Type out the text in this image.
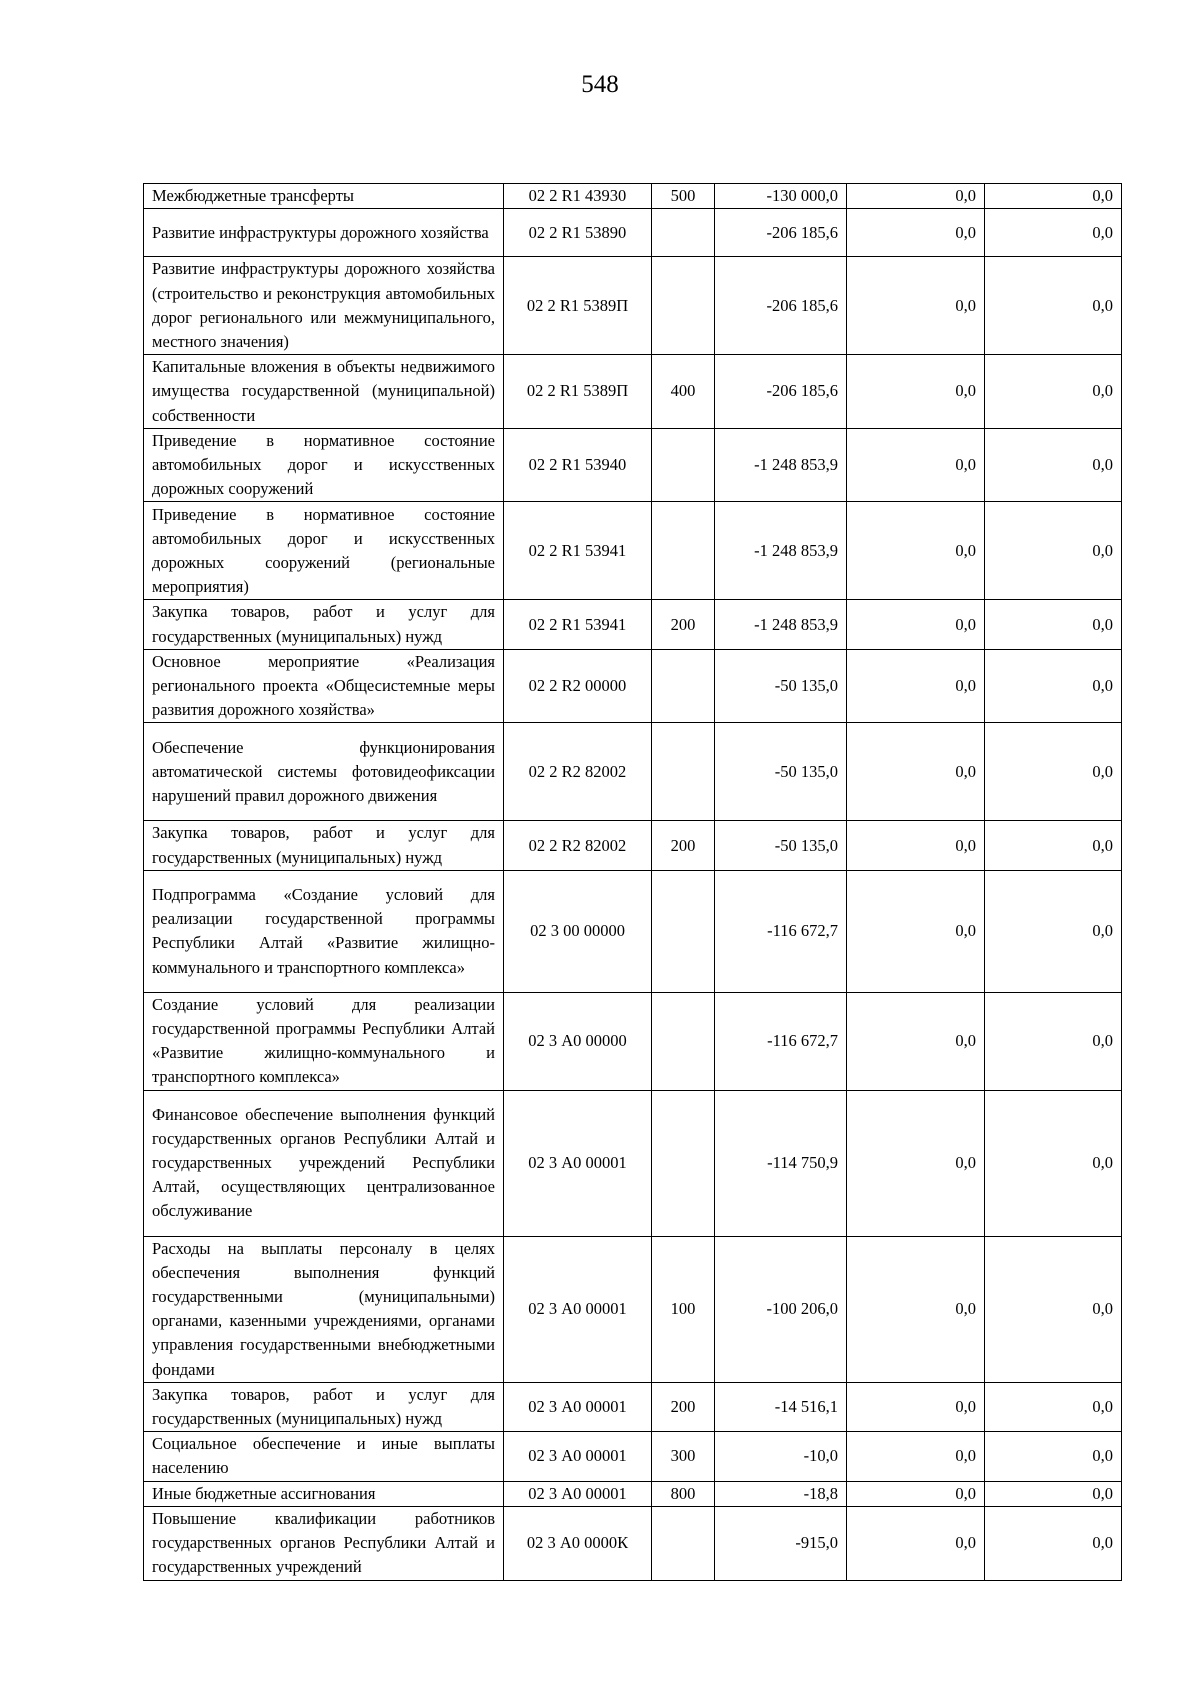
548
Межбюджетные трансферты	02 2 R1 43930	500	-130 000,0	0,0	0,0
Развитие инфраструктуры дорожного хозяйства	02 2 R1 53890		-206 185,6	0,0	0,0
Развитие инфраструктуры дорожного хозяйства (строительство и реконструкция автомобильных дорог регионального или межмуниципального, местного значения)	02 2 R1 5389П		-206 185,6	0,0	0,0
Капитальные вложения в объекты недвижимого имущества государственной (муниципальной) собственности	02 2 R1 5389П	400	-206 185,6	0,0	0,0
Приведение в нормативное состояние автомобильных дорог и искусственных дорожных сооружений	02 2 R1 53940		-1 248 853,9	0,0	0,0
Приведение в нормативное состояние автомобильных дорог и искусственных дорожных сооружений (региональные мероприятия)	02 2 R1 53941		-1 248 853,9	0,0	0,0
Закупка товаров, работ и услуг для государственных (муниципальных) нужд	02 2 R1 53941	200	-1 248 853,9	0,0	0,0
Основное мероприятие «Реализация регионального проекта «Общесистемные меры развития дорожного хозяйства»	02 2 R2 00000		-50 135,0	0,0	0,0
Обеспечение функционирования автоматической системы фотовидеофиксации нарушений правил дорожного движения	02 2 R2 82002		-50 135,0	0,0	0,0
Закупка товаров, работ и услуг для государственных (муниципальных) нужд	02 2 R2 82002	200	-50 135,0	0,0	0,0
Подпрограмма «Создание условий для реализации государственной программы Республики Алтай «Развитие жилищно-коммунального и транспортного комплекса»	02 3 00 00000		-116 672,7	0,0	0,0
Создание условий для реализации государственной программы Республики Алтай «Развитие жилищно-коммунального и транспортного комплекса»	02 3 А0 00000		-116 672,7	0,0	0,0
Финансовое обеспечение выполнения функций государственных органов Республики Алтай и государственных учреждений Республики Алтай, осуществляющих централизованное обслуживание	02 3 А0 00001		-114 750,9	0,0	0,0
Расходы на выплаты персоналу в целях обеспечения выполнения функций государственными (муниципальными) органами, казенными учреждениями, органами управления государственными внебюджетными фондами	02 3 А0 00001	100	-100 206,0	0,0	0,0
Закупка товаров, работ и услуг для государственных (муниципальных) нужд	02 3 А0 00001	200	-14 516,1	0,0	0,0
Социальное обеспечение и иные выплаты населению	02 3 А0 00001	300	-10,0	0,0	0,0
Иные бюджетные ассигнования	02 3 А0 00001	800	-18,8	0,0	0,0
Повышение квалификации работников государственных органов Республики Алтай и государственных учреждений	02 3 А0 0000К		-915,0	0,0	0,0
